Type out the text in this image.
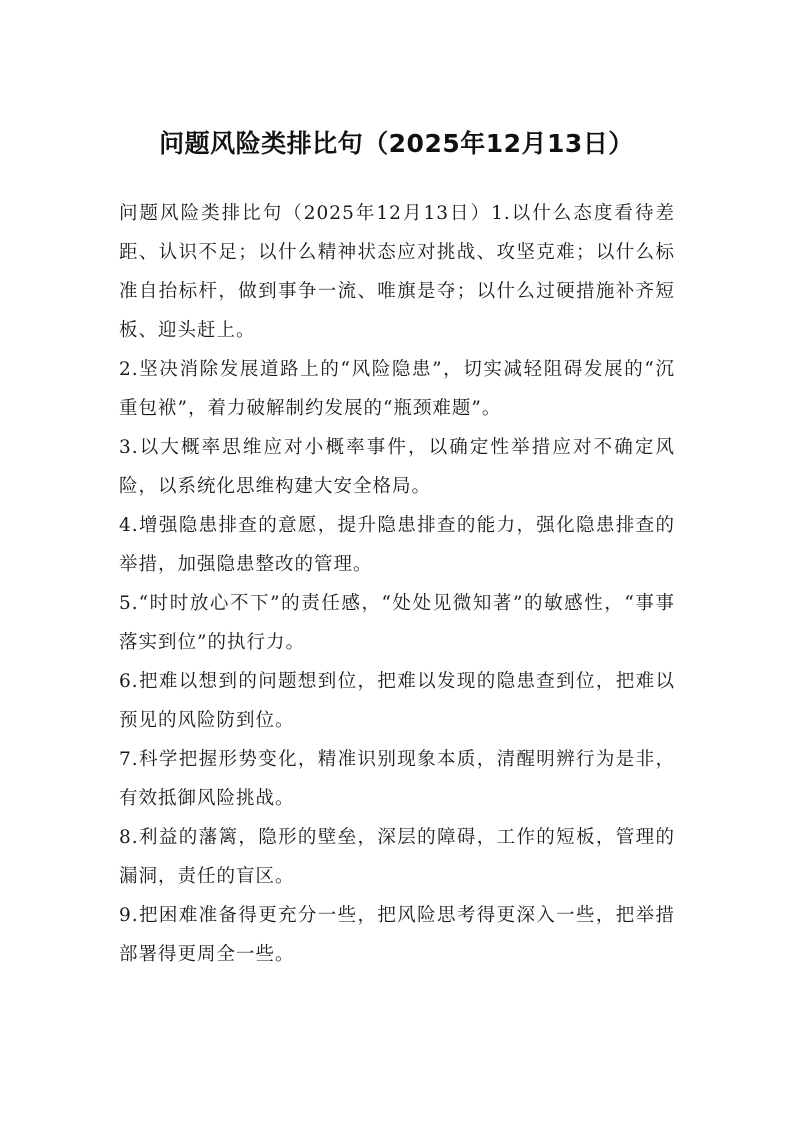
问题风险类排比句（2025年12月13日）

问题风险类排比句（2025年12月13日）1.以什么态度看待差距、认识不足；以什么精神状态应对挑战、攻坚克难；以什么标准自抬标杆，做到事争一流、唯旗是夺；以什么过硬措施补齐短板、迎头赶上。

2.坚决消除发展道路上的“风险隐患”，切实减轻阻碍发展的“沉重包袱”，着力破解制约发展的“瓶颈难题”。

3.以大概率思维应对小概率事件，以确定性举措应对不确定风险，以系统化思维构建大安全格局。

4.增强隐患排查的意愿，提升隐患排查的能力，强化隐患排查的举措，加强隐患整改的管理。

5.“时时放心不下”的责任感，“处处见微知著”的敏感性，“事事落实到位”的执行力。

6.把难以想到的问题想到位，把难以发现的隐患查到位，把难以预见的风险防到位。

7.科学把握形势变化，精准识别现象本质，清醒明辨行为是非，有效抵御风险挑战。

8.利益的藩篱，隐形的壁垒，深层的障碍，工作的短板，管理的漏洞，责任的盲区。

9.把困难准备得更充分一些，把风险思考得更深入一些，把举措部署得更周全一些。
